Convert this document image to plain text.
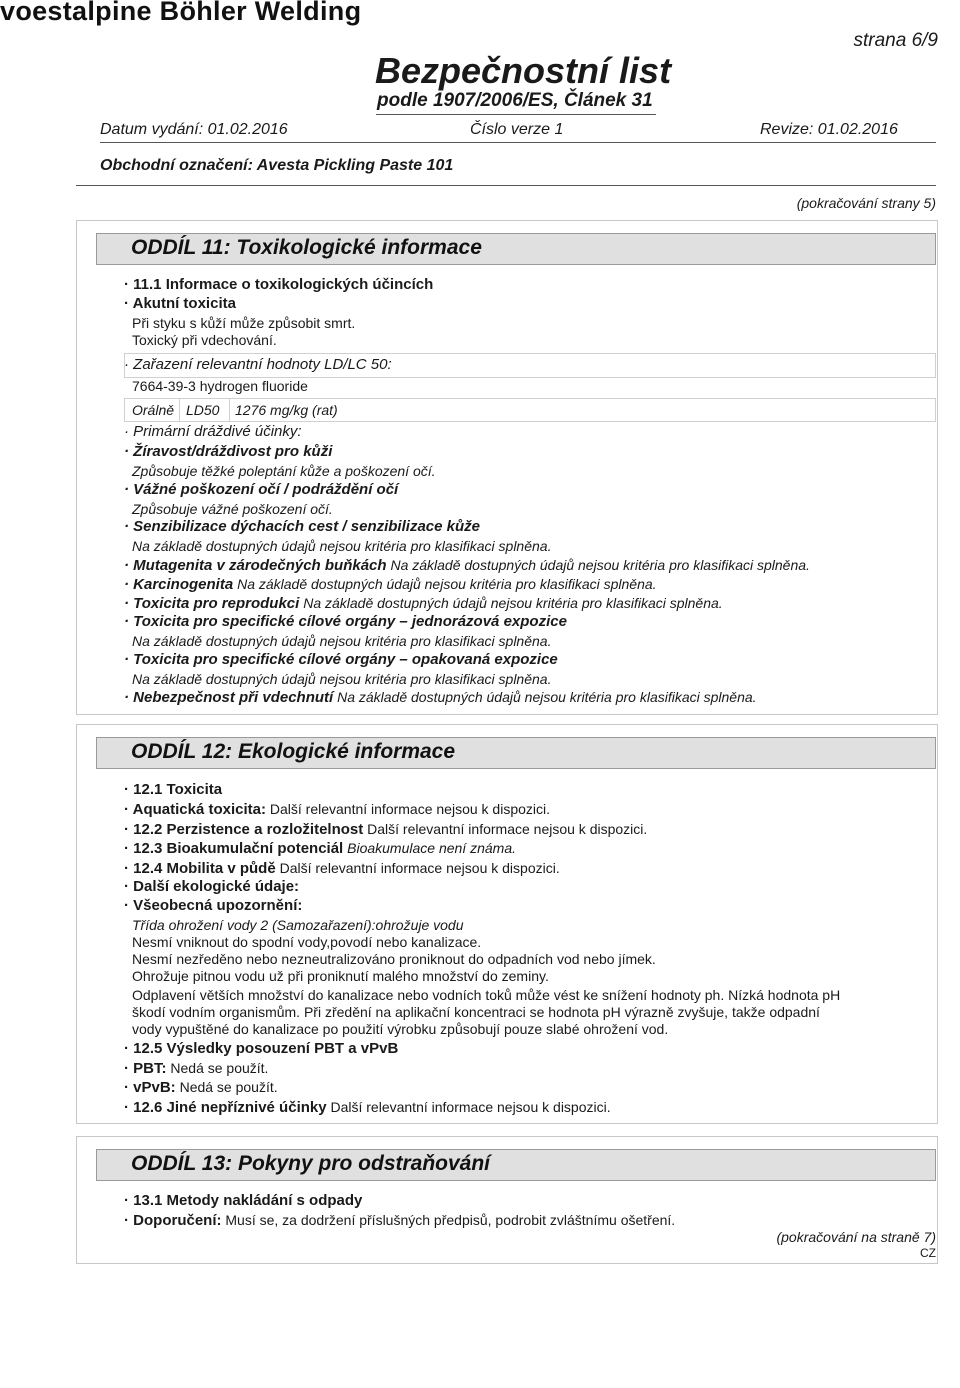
voestalpine Böhler Welding
strana 6/9
Bezpečnostní list
podle 1907/2006/ES, Článek 31
Datum vydání: 01.02.2016	Číslo verze 1	Revize: 01.02.2016
Obchodní označení: Avesta Pickling Paste 101
(pokračování strany 5)
ODDÍL 11: Toxikologické informace
· 11.1 Informace o toxikologických účincích
· Akutní toxicita
Při styku s kůží může způsobit smrt.
Toxický při vdechování.
· Zařazení relevantní hodnoty LD/LC 50:
7664-39-3 hydrogen fluoride
Orálně LD50 1276 mg/kg (rat)
· Primární dráždivé účinky:
· Žíravost/dráždivost pro kůži
Způsobuje těžké poleptání kůže a poškození očí.
· Vážné poškození očí / podráždění očí
Způsobuje vážné poškození očí.
· Senzibilizace dýchacích cest / senzibilizace kůže
Na základě dostupných údajů nejsou kritéria pro klasifikaci splněna.
· Mutagenita v zárodečných buňkách Na základě dostupných údajů nejsou kritéria pro klasifikaci splněna.
· Karcinogenita Na základě dostupných údajů nejsou kritéria pro klasifikaci splněna.
· Toxicita pro reprodukci Na základě dostupných údajů nejsou kritéria pro klasifikaci splněna.
· Toxicita pro specifické cílové orgány – jednorázová expozice
Na základě dostupných údajů nejsou kritéria pro klasifikaci splněna.
· Toxicita pro specifické cílové orgány – opakovaná expozice
Na základě dostupných údajů nejsou kritéria pro klasifikaci splněna.
· Nebezpečnost při vdechnutí Na základě dostupných údajů nejsou kritéria pro klasifikaci splněna.
ODDÍL 12: Ekologické informace
· 12.1 Toxicita
· Aquatická toxicita: Další relevantní informace nejsou k dispozici.
· 12.2 Perzistence a rozložitelnost Další relevantní informace nejsou k dispozici.
· 12.3 Bioakumulační potenciál Bioakumulace není známa.
· 12.4 Mobilita v půdě Další relevantní informace nejsou k dispozici.
· Další ekologické údaje:
· Všeobecná upozornění:
Třída ohrožení vody 2 (Samozařazení):ohrožuje vodu
Nesmí vniknout do spodní vody,povodí nebo kanalizace.
Nesmí nezředěno nebo nezneutralizováno proniknout do odpadních vod nebo jímek.
Ohrožuje pitnou vodu už při proniknutí malého množství do zeminy.
Odplavení větších množství do kanalizace nebo vodních toků může vést ke snížení hodnoty ph. Nízká hodnota pH
škodí vodním organismům. Při zředění na aplikační koncentraci se hodnota pH výrazně zvyšuje, takže odpadní
vody vypuštěné do kanalizace po použití výrobku způsobují pouze slabé ohrožení vod.
· 12.5 Výsledky posouzení PBT a vPvB
· PBT: Nedá se použít.
· vPvB: Nedá se použít.
· 12.6 Jiné nepříznivé účinky Další relevantní informace nejsou k dispozici.
ODDÍL 13: Pokyny pro odstraňování
· 13.1 Metody nakládání s odpady
· Doporučení: Musí se, za dodržení příslušných předpisů, podrobit zvláštnímu ošetření.
(pokračování na straně 7)
CZ
